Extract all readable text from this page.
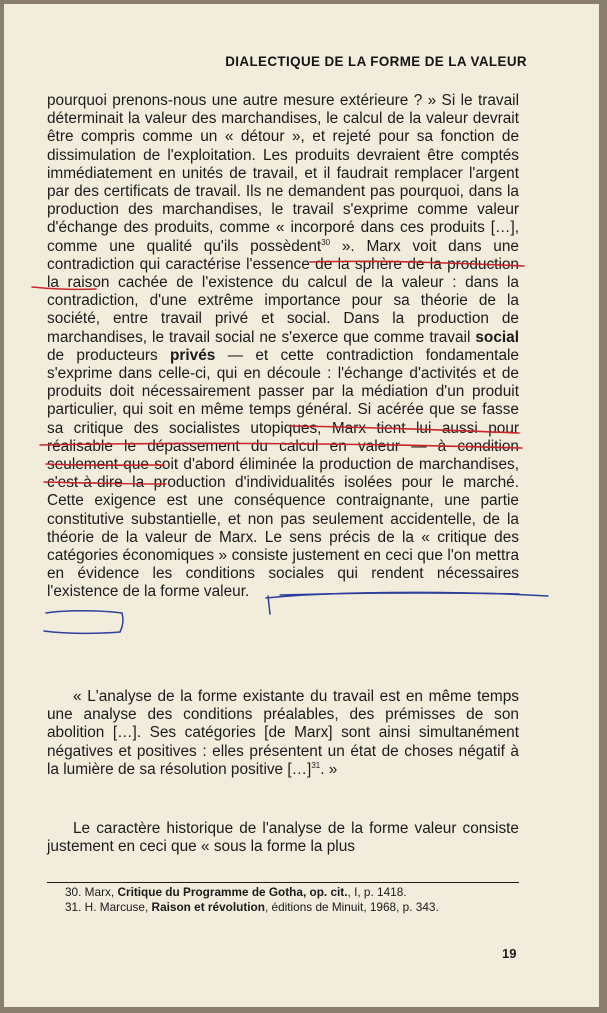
DIALECTIQUE DE LA FORME DE LA VALEUR
pourquoi prenons-nous une autre mesure extérieure ? » Si le travail déterminait la valeur des marchandises, le calcul de la valeur devrait être compris comme un « détour », et rejeté pour sa fonction de dissimulation de l'exploitation. Les produits devraient être comptés immédiatement en unités de travail, et il faudrait remplacer l'argent par des certificats de travail. Ils ne demandent pas pourquoi, dans la production des marchandises, le travail s'exprime comme valeur d'échange des produits, comme « incorporé dans ces produits […], comme une qualité qu'ils possèdent$^{30}$ ». Marx voit dans une contradiction qui caractérise l'essence de la sphère de la production la raison cachée de l'existence du calcul de la valeur : dans la contradiction, d'une extrême importance pour sa théorie de la société, entre travail privé et social. Dans la production de marchandises, le travail social ne s'exerce que comme travail social de producteurs privés — et cette contradiction fondamentale s'exprime dans celle-ci, qui en découle : l'échange d'activités et de produits doit nécessairement passer par la médiation d'un produit particulier, qui soit en même temps général. Si acérée que se fasse sa critique des socialistes utopiques, Marx tient lui aussi pour réalisable le dépassement du calcul en valeur — à condition seulement que soit d'abord éliminée la production de marchandises, c'est-à-dire la production d'individualités isolées pour le marché. Cette exigence est une conséquence contraignante, une partie constitutive substantielle, et non pas seulement accidentelle, de la théorie de la valeur de Marx. Le sens précis de la « critique des catégories économiques » consiste justement en ceci que l'on mettra en évidence les conditions sociales qui rendent nécessaires l'existence de la forme valeur.
« L'analyse de la forme existante du travail est en même temps une analyse des conditions préalables, des prémisses de son abolition […]. Ses catégories [de Marx] sont ainsi simultanément négatives et positives : elles présentent un état de choses négatif à la lumière de sa résolution positive […]$^{31}$. »
Le caractère historique de l'analyse de la forme valeur consiste justement en ceci que « sous la forme la plus

30. Marx, Critique du Programme de Gotha, op. cit., I, p. 1418.

31. H. Marcuse, Raison et révolution, éditions de Minuit, 1968, p. 343.

19
